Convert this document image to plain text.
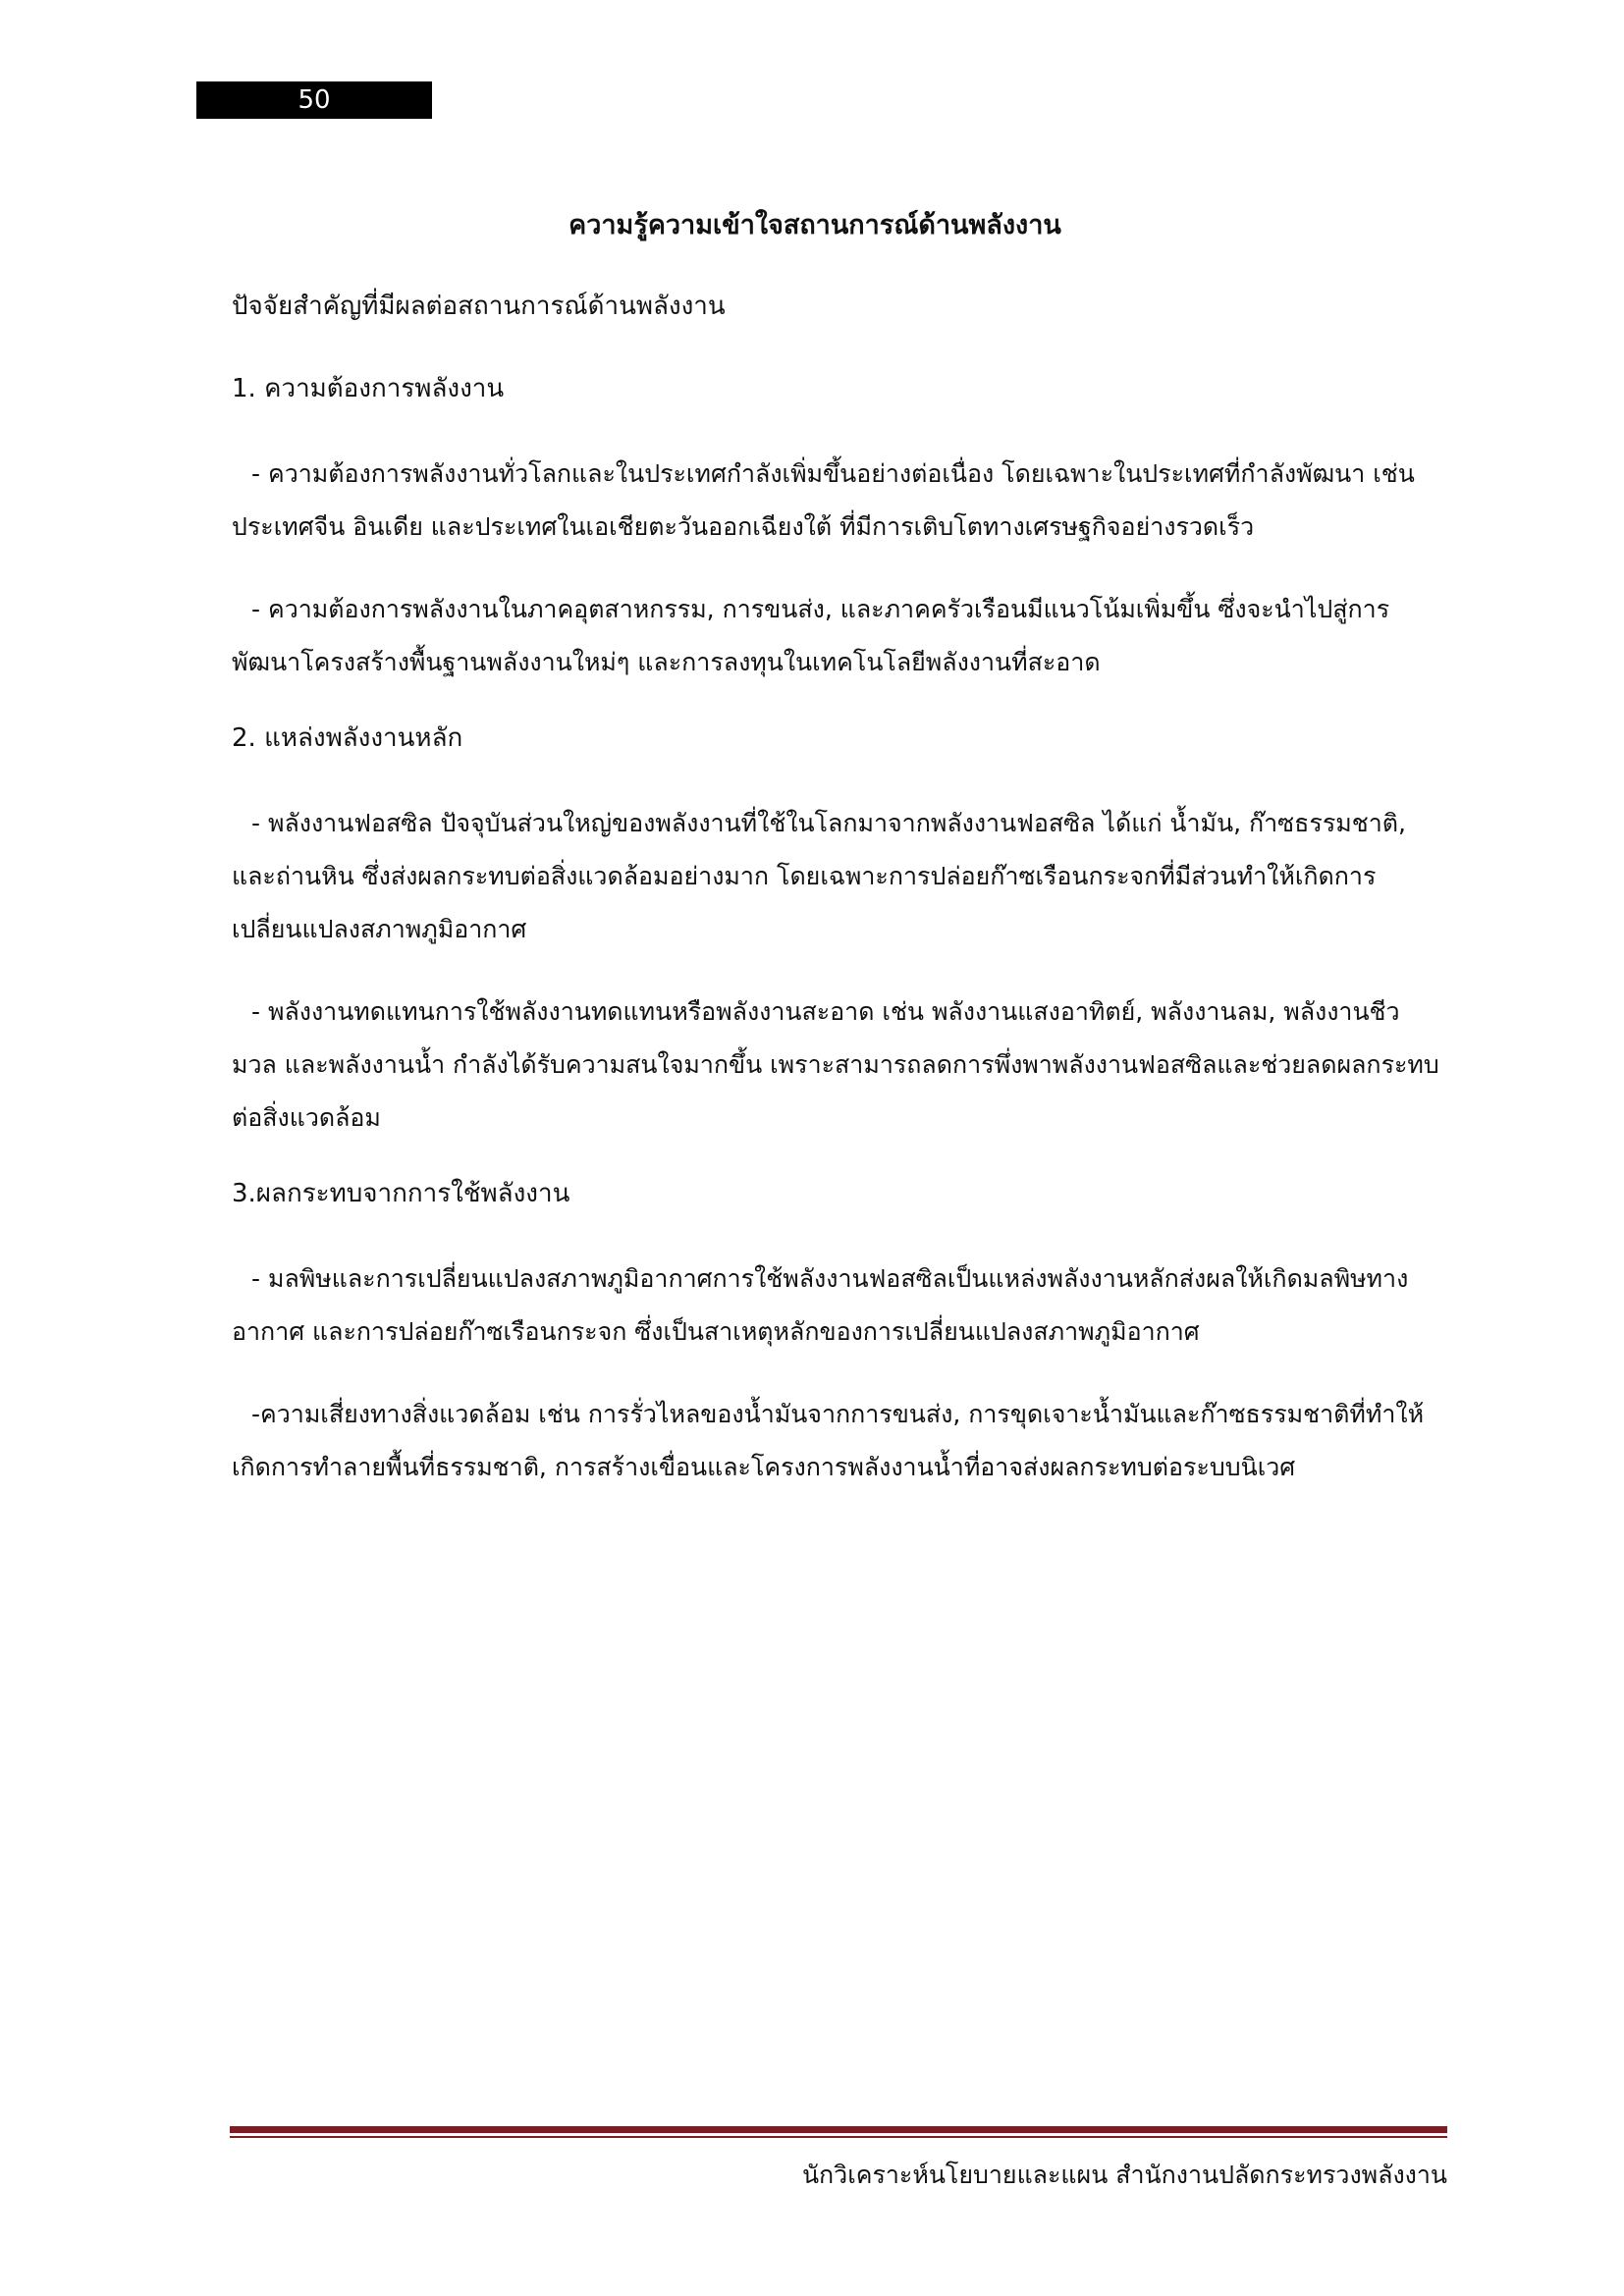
50
ความรู้ความเข้าใจสถานการณ์ด้านพลังงาน

ปัจจัยสำคัญที่มีผลต่อสถานการณ์ด้านพลังงาน

1. ความต้องการพลังงาน

- ความต้องการพลังงานทั่วโลกและในประเทศกำลังเพิ่มขึ้นอย่างต่อเนื่อง โดยเฉพาะในประเทศที่กำลังพัฒนา เช่น ประเทศจีน อินเดีย และประเทศในเอเชียตะวันออกเฉียงใต้ ที่มีการเติบโตทางเศรษฐกิจอย่างรวดเร็ว

- ความต้องการพลังงานในภาคอุตสาหกรรม, การขนส่ง, และภาคครัวเรือนมีแนวโน้มเพิ่มขึ้น ซึ่งจะนำไปสู่การพัฒนาโครงสร้างพื้นฐานพลังงานใหม่ๆ และการลงทุนในเทคโนโลยีพลังงานที่สะอาด

2. แหล่งพลังงานหลัก

- พลังงานฟอสซิล ปัจจุบันส่วนใหญ่ของพลังงานที่ใช้ในโลกมาจากพลังงานฟอสซิล ได้แก่ น้ำมัน, ก๊าซธรรมชาติ, และถ่านหิน ซึ่งส่งผลกระทบต่อสิ่งแวดล้อมอย่างมาก โดยเฉพาะการปล่อยก๊าซเรือนกระจกที่มีส่วนทำให้เกิดการเปลี่ยนแปลงสภาพภูมิอากาศ

- พลังงานทดแทนการใช้พลังงานทดแทนหรือพลังงานสะอาด เช่น พลังงานแสงอาทิตย์, พลังงานลม, พลังงานชีวมวล และพลังงานน้ำ กำลังได้รับความสนใจมากขึ้น เพราะสามารถลดการพึ่งพาพลังงานฟอสซิลและช่วยลดผลกระทบต่อสิ่งแวดล้อม

3.ผลกระทบจากการใช้พลังงาน

- มลพิษและการเปลี่ยนแปลงสภาพภูมิอากาศการใช้พลังงานฟอสซิลเป็นแหล่งพลังงานหลักส่งผลให้เกิดมลพิษทางอากาศ และการปล่อยก๊าซเรือนกระจก ซึ่งเป็นสาเหตุหลักของการเปลี่ยนแปลงสภาพภูมิอากาศ

-ความเสี่ยงทางสิ่งแวดล้อม เช่น การรั่วไหลของน้ำมันจากการขนส่ง, การขุดเจาะน้ำมันและก๊าซธรรมชาติที่ทำให้เกิดการทำลายพื้นที่ธรรมชาติ, การสร้างเขื่อนและโครงการพลังงานน้ำที่อาจส่งผลกระทบต่อระบบนิเวศ

นักวิเคราะห์นโยบายและแผน สำนักงานปลัดกระทรวงพลังงาน
